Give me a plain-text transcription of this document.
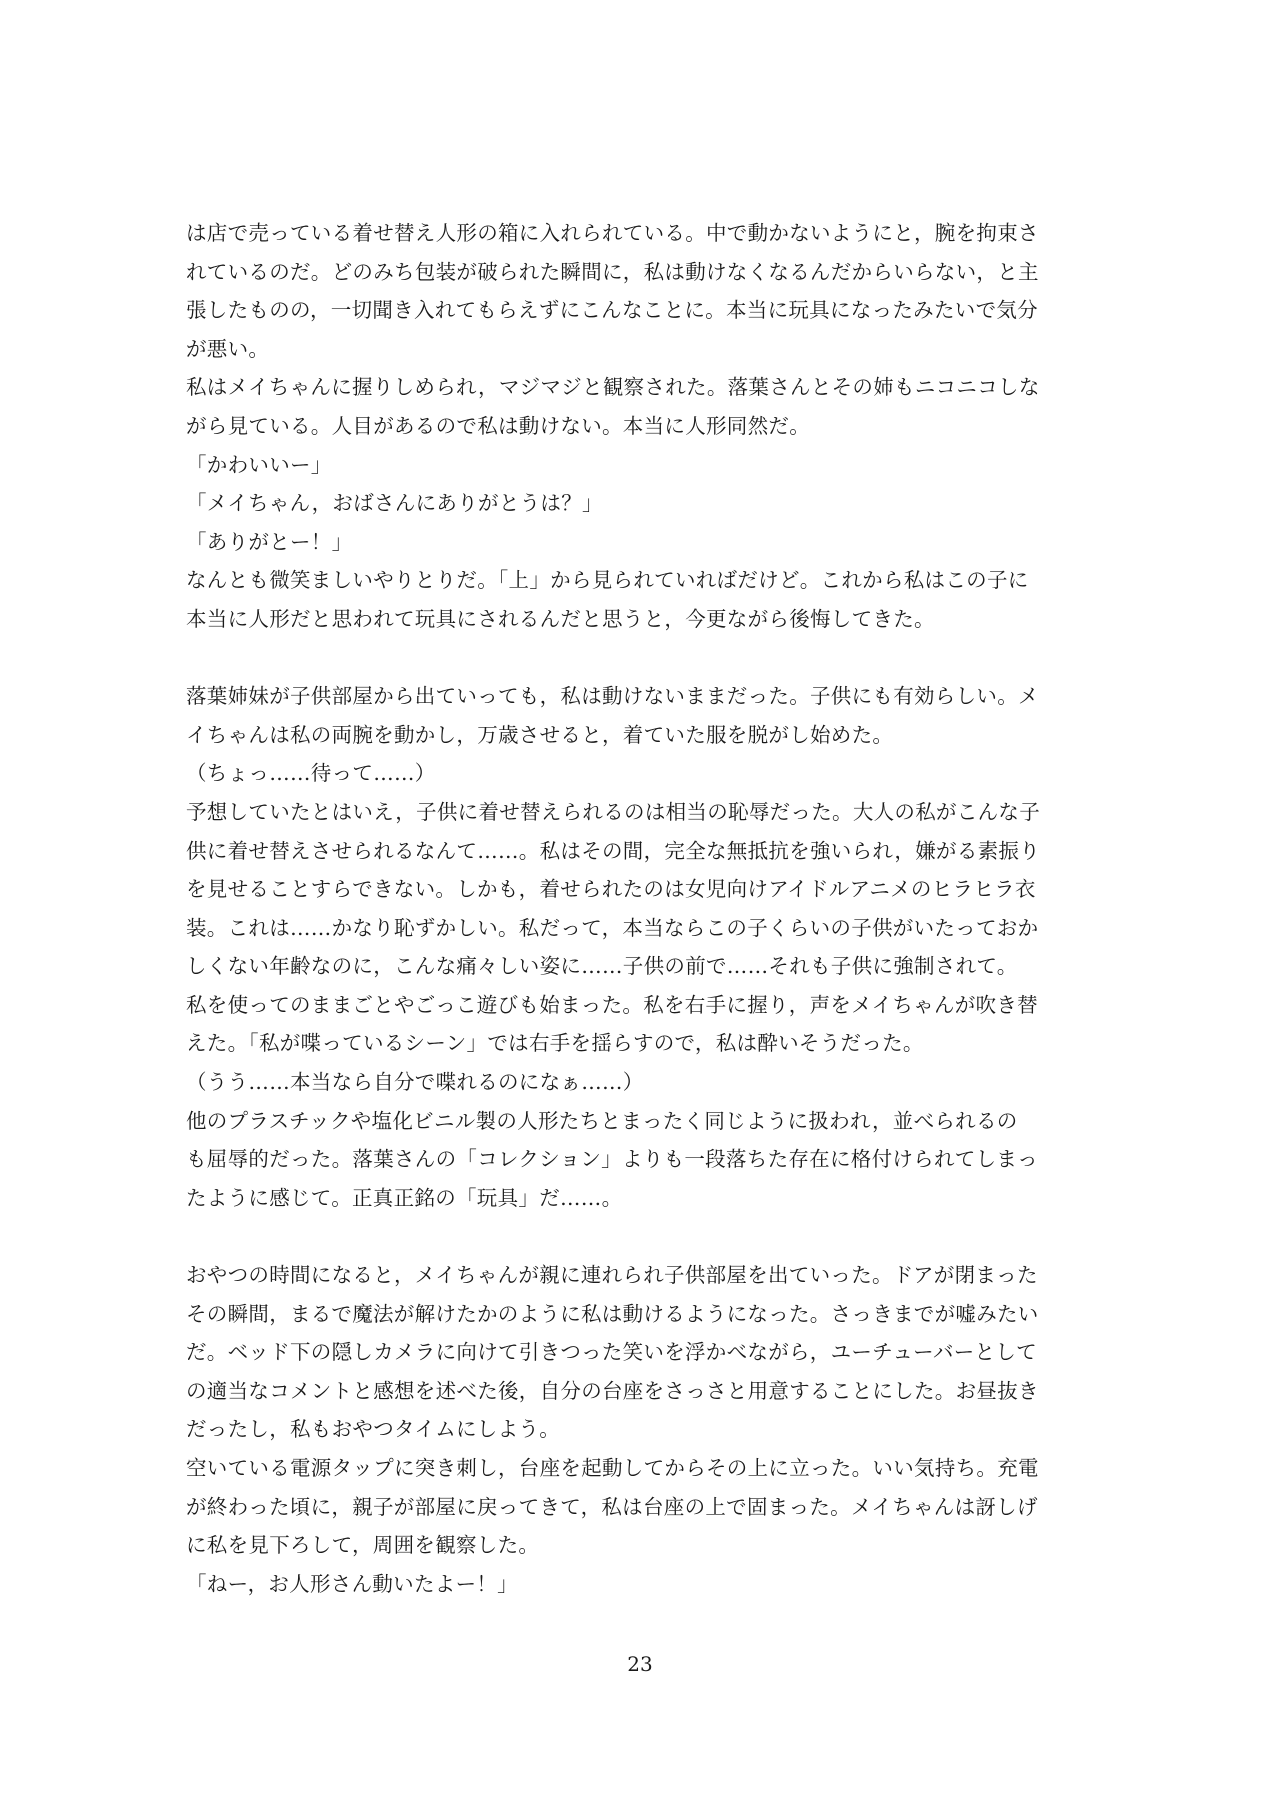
は店で売っている着せ替え人形の箱に入れられている。中で動かないようにと，腕を拘束さ
れているのだ。どのみち包装が破られた瞬間に，私は動けなくなるんだからいらない，と主
張したものの，一切聞き入れてもらえずにこんなことに。本当に玩具になったみたいで気分
が悪い。
私はメイちゃんに握りしめられ，マジマジと観察された。落葉さんとその姉もニコニコしな
がら見ている。人目があるので私は動けない。本当に人形同然だ。
「かわいいー」
「メイちゃん，おばさんにありがとうは？」
「ありがとー！」
なんとも微笑ましいやりとりだ。「上」から見られていればだけど。これから私はこの子に
本当に人形だと思われて玩具にされるんだと思うと，今更ながら後悔してきた。
落葉姉妹が子供部屋から出ていっても，私は動けないままだった。子供にも有効らしい。メ
イちゃんは私の両腕を動かし，万歳させると，着ていた服を脱がし始めた。
（ちょっ……待って……）
予想していたとはいえ，子供に着せ替えられるのは相当の恥辱だった。大人の私がこんな子
供に着せ替えさせられるなんて……。私はその間，完全な無抵抗を強いられ，嫌がる素振り
を見せることすらできない。しかも，着せられたのは女児向けアイドルアニメのヒラヒラ衣
装。これは……かなり恥ずかしい。私だって，本当ならこの子くらいの子供がいたっておか
しくない年齢なのに，こんな痛々しい姿に……子供の前で……それも子供に強制されて。
私を使ってのままごとやごっこ遊びも始まった。私を右手に握り，声をメイちゃんが吹き替
えた。「私が喋っているシーン」では右手を揺らすので，私は酔いそうだった。
（うう……本当なら自分で喋れるのになぁ……）
他のプラスチックや塩化ビニル製の人形たちとまったく同じように扱われ，並べられるの
も屈辱的だった。落葉さんの「コレクション」よりも一段落ちた存在に格付けられてしまっ
たように感じて。正真正銘の「玩具」だ……。
おやつの時間になると，メイちゃんが親に連れられ子供部屋を出ていった。ドアが閉まった
その瞬間，まるで魔法が解けたかのように私は動けるようになった。さっきまでが嘘みたい
だ。ベッド下の隠しカメラに向けて引きつった笑いを浮かべながら，ユーチューバーとして
の適当なコメントと感想を述べた後，自分の台座をさっさと用意することにした。お昼抜き
だったし，私もおやつタイムにしよう。
空いている電源タップに突き刺し，台座を起動してからその上に立った。いい気持ち。充電
が終わった頃に，親子が部屋に戻ってきて，私は台座の上で固まった。メイちゃんは訝しげ
に私を見下ろして，周囲を観察した。
「ねー，お人形さん動いたよー！」
23
